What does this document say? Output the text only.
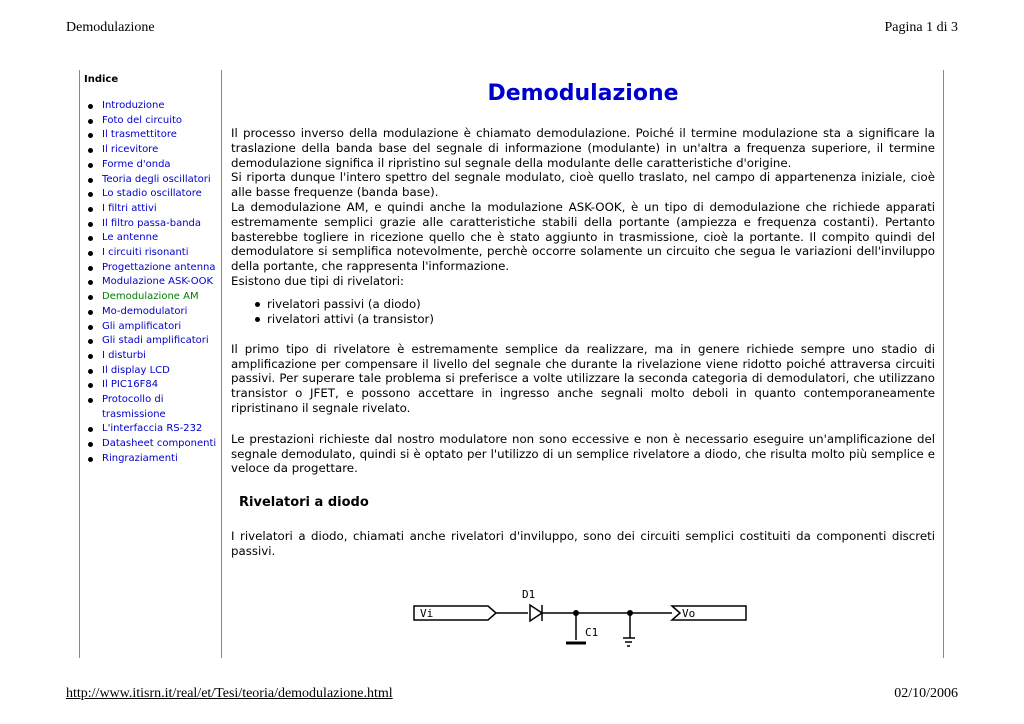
Demodulazione	Pagina 1 di 3
Indice
Introduzione
Foto del circuito
Il trasmettitore
Il ricevitore
Forme d'onda
Teoria degli oscillatori
Lo stadio oscillatore
I filtri attivi
Il filtro passa-banda
Le antenne
I circuiti risonanti
Progettazione antenna
Modulazione ASK-OOK
Demodulazione AM
Mo-demodulatori
Gli amplificatori
Gli stadi amplificatori
I disturbi
Il display LCD
Il PIC16F84
Protocollo di trasmissione
L'interfaccia RS-232
Datasheet componenti
Ringraziamenti
Demodulazione

Il processo inverso della modulazione è chiamato demodulazione. Poiché il termine modulazione sta a significare la traslazione della banda base del segnale di informazione (modulante) in un'altra a frequenza superiore, il termine demodulazione significa il ripristino sul segnale della modulante delle caratteristiche d'origine.

Si riporta dunque l'intero spettro del segnale modulato, cioè quello traslato, nel campo di appartenenza iniziale, cioè alle basse frequenze (banda base).

La demodulazione AM, e quindi anche la modulazione ASK-OOK, è un tipo di demodulazione che richiede apparati estremamente semplici grazie alle caratteristiche stabili della portante (ampiezza e frequenza costanti). Pertanto basterebbe togliere in ricezione quello che è stato aggiunto in trasmissione, cioè la portante. Il compito quindi del demodulatore si semplifica notevolmente, perchè occorre solamente un circuito che segua le variazioni dell'inviluppo della portante, che rappresenta l'informazione.

Esistono due tipi di rivelatori:

rivelatori passivi (a diodo)
rivelatori attivi (a transistor)

Il primo tipo di rivelatore è estremamente semplice da realizzare, ma in genere richiede sempre uno stadio di amplificazione per compensare il livello del segnale che durante la rivelazione viene ridotto poiché attraversa circuiti passivi. Per superare tale problema si preferisce a volte utilizzare la seconda categoria di demodulatori, che utilizzano transistor o JFET, e possono accettare in ingresso anche segnali molto deboli in quanto contemporaneamente ripristinano il segnale rivelato.

Le prestazioni richieste dal nostro modulatore non sono eccessive e non è necessario eseguire un'amplificazione del segnale demodulato, quindi si è optato per l'utilizzo di un semplice rivelatore a diodo, che risulta molto più semplice e veloce da progettare.

Rivelatori a diodo

I rivelatori a diodo, chiamati anche rivelatori d'inviluppo, sono dei circuiti semplici costituiti da componenti discreti passivi.

Vi	Vo
D1
C1
http://www.itisrn.it/real/et/Tesi/teoria/demodulazione.html	02/10/2006
